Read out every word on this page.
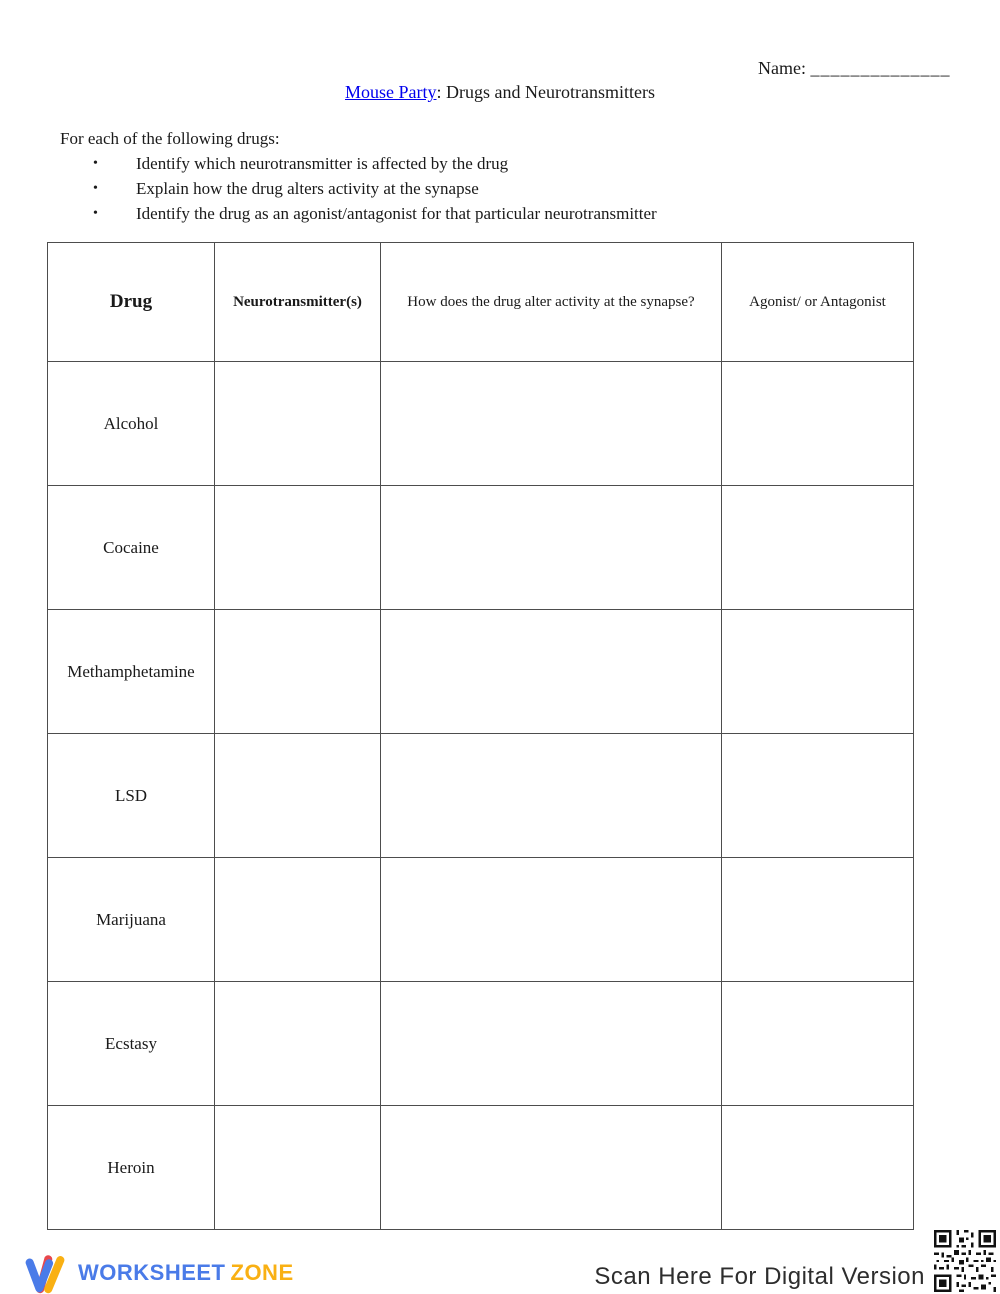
Name: ______________
Mouse Party: Drugs and Neurotransmitters
For each of the following drugs:
•	Identify which neurotransmitter is affected by the drug
•	Explain how the drug alters activity at the synapse
•	Identify the drug as an agonist/antagonist for that particular neurotransmitter
Drug	Neurotransmitter(s)	How does the drug alter activity at the synapse?	Agonist/ or Antagonist
Alcohol			
Cocaine			
Methamphetamine			
LSD			
Marijuana			
Ecstasy			
Heroin			
WORKSHEET ZONE	Scan Here For Digital Version
